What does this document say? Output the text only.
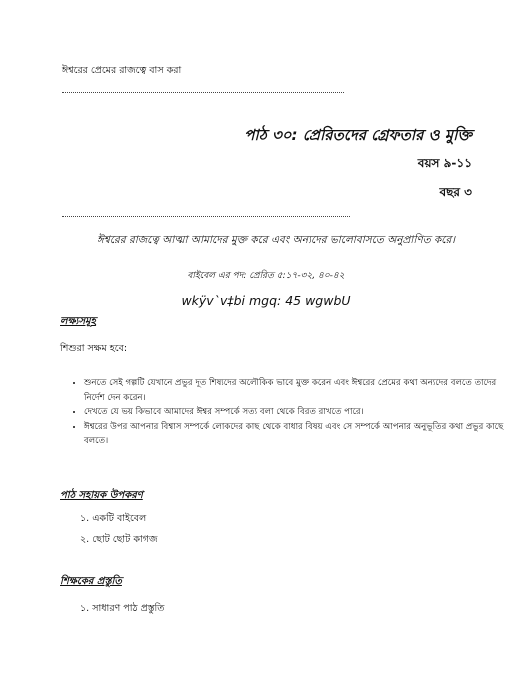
ঈশ্বরের প্রেমের রাজত্বে বাস করা
পাঠ ৩০: প্রেরিতদের গ্রেফতার ও মুক্তি
বয়স ৯-১১
বছর ৩
ঈশ্বরের রাজত্বে আত্মা আমাদের মুক্ত করে এবং অন্যদের ভালোবাসতে অনুপ্রাণিত করে।
বাইবেল এর পদ: প্রেরিত ৫:১৭-৩২, ৪০-৪২
wkÿv`v‡bi mgq: 45 wgwbU
লক্ষ্যসমূহ
শিশুরা সক্ষম হবে:
• শুনতে সেই গল্পটি যেখানে প্রভুর দূত শিষ্যদের অলৌকিক ভাবে মুক্ত করেন এবং ঈশ্বরের প্রেমের কথা অন্যদের বলতে তাদের নির্দেশ দেন করেন।
• দেখতে যে ভয় কিভাবে আমাদের ঈশ্বর সম্পর্কে সত্য বলা থেকে বিরত রাখতে পারে।
• ঈশ্বরের উপর আপনার বিশ্বাস সম্পর্কে লোকদের কাছ থেকে বাধার বিষয় এবং সে সম্পর্কে আপনার অনুভূতির কথা প্রভুর কাছে বলতে।
পাঠ সহায়ক উপকরণ
১. একটি বাইবেল
২. ছোট ছোট কাগজ
শিক্ষকের প্রস্তুতি
১. সাধারণ পাঠ প্রস্তুতি
